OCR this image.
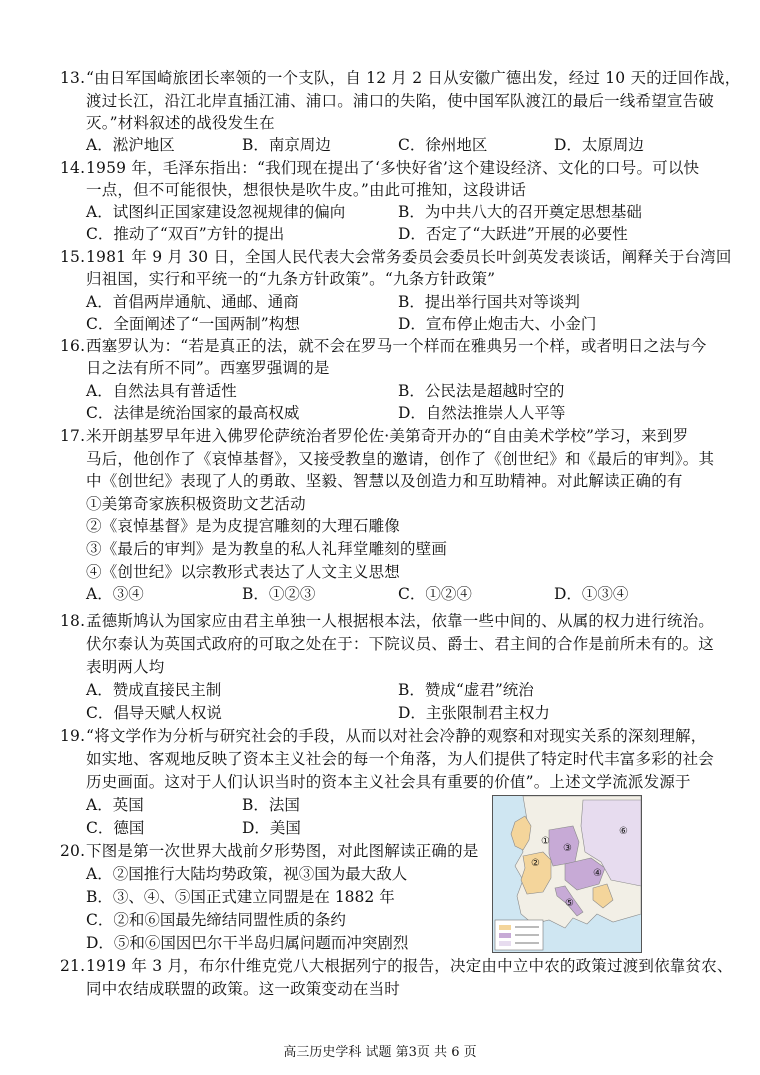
13. “由日军国崎旅团长率领的一个支队，自 12 月 2 日从安徽广德出发，经过 10 天的迂回作战，
渡过长江，沿江北岸直插江浦、浦口。浦口的失陷，使中国军队渡江的最后一线希望宣告破
灭。”材料叙述的战役发生在
A．淞沪地区	B．南京周边	C．徐州地区	D．太原周边
14. 1959 年，毛泽东指出：“我们现在提出了‘多快好省’这个建设经济、文化的口号。可以快
一点，但不可能很快，想很快是吹牛皮。”由此可推知，这段讲话
A．试图纠正国家建设忽视规律的偏向	B．为中共八大的召开奠定思想基础
C．推动了“双百”方针的提出	D．否定了“大跃进”开展的必要性
15. 1981 年 9 月 30 日，全国人民代表大会常务委员会委员长叶剑英发表谈话，阐释关于台湾回
归祖国，实行和平统一的“九条方针政策”。“九条方针政策”
A．首倡两岸通航、通邮、通商	B．提出举行国共对等谈判
C．全面阐述了“一国两制”构想	D．宣布停止炮击大、小金门
16. 西塞罗认为：“若是真正的法，就不会在罗马一个样而在雅典另一个样，或者明日之法与今
日之法有所不同”。西塞罗强调的是
A．自然法具有普适性	B．公民法是超越时空的
C．法律是统治国家的最高权威	D．自然法推崇人人平等
17. 米开朗基罗早年进入佛罗伦萨统治者罗伦佐·美第奇开办的“自由美术学校”学习，来到罗
马后，他创作了《哀悼基督》，又接受教皇的邀请，创作了《创世纪》和《最后的审判》。其
中《创世纪》表现了人的勇敢、坚毅、智慧以及创造力和互助精神。对此解读正确的有
①美第奇家族积极资助文艺活动
②《哀悼基督》是为皮提宫雕刻的大理石雕像
③《最后的审判》是为教皇的私人礼拜堂雕刻的壁画
④《创世纪》以宗教形式表达了人文主义思想
A．③④	B．①②③	C．①②④	D．①③④
18. 孟德斯鸠认为国家应由君主单独一人根据根本法，依靠一些中间的、从属的权力进行统治。
伏尔泰认为英国式政府的可取之处在于：下院议员、爵士、君主间的合作是前所未有的。这
表明两人均
A．赞成直接民主制	B．赞成“虚君”统治
C．倡导天赋人权说	D．主张限制君主权力
19. “将文学作为分析与研究社会的手段，从而以对社会冷静的观察和对现实关系的深刻理解，
如实地、客观地反映了资本主义社会的每一个角落，为人们提供了特定时代丰富多彩的社会
历史画面。这对于人们认识当时的资本主义社会具有重要的价值”。上述文学流派发源于
A．英国	B．法国
C．德国	D．美国
①
②
③
④
⑤
⑥
20. 下图是第一次世界大战前夕形势图，对此图解读正确的是
A．②国推行大陆均势政策，视③国为最大敌人
B．③、④、⑤国正式建立同盟是在 1882 年
C．②和⑥国最先缔结同盟性质的条约
D．⑤和⑥国因巴尔干半岛归属问题而冲突剧烈
21. 1919 年 3 月，布尔什维克党八大根据列宁的报告，决定由中立中农的政策过渡到依靠贫农、
同中农结成联盟的政策。这一政策变动在当时
高三历史学科 试题 第3页 共 6 页
